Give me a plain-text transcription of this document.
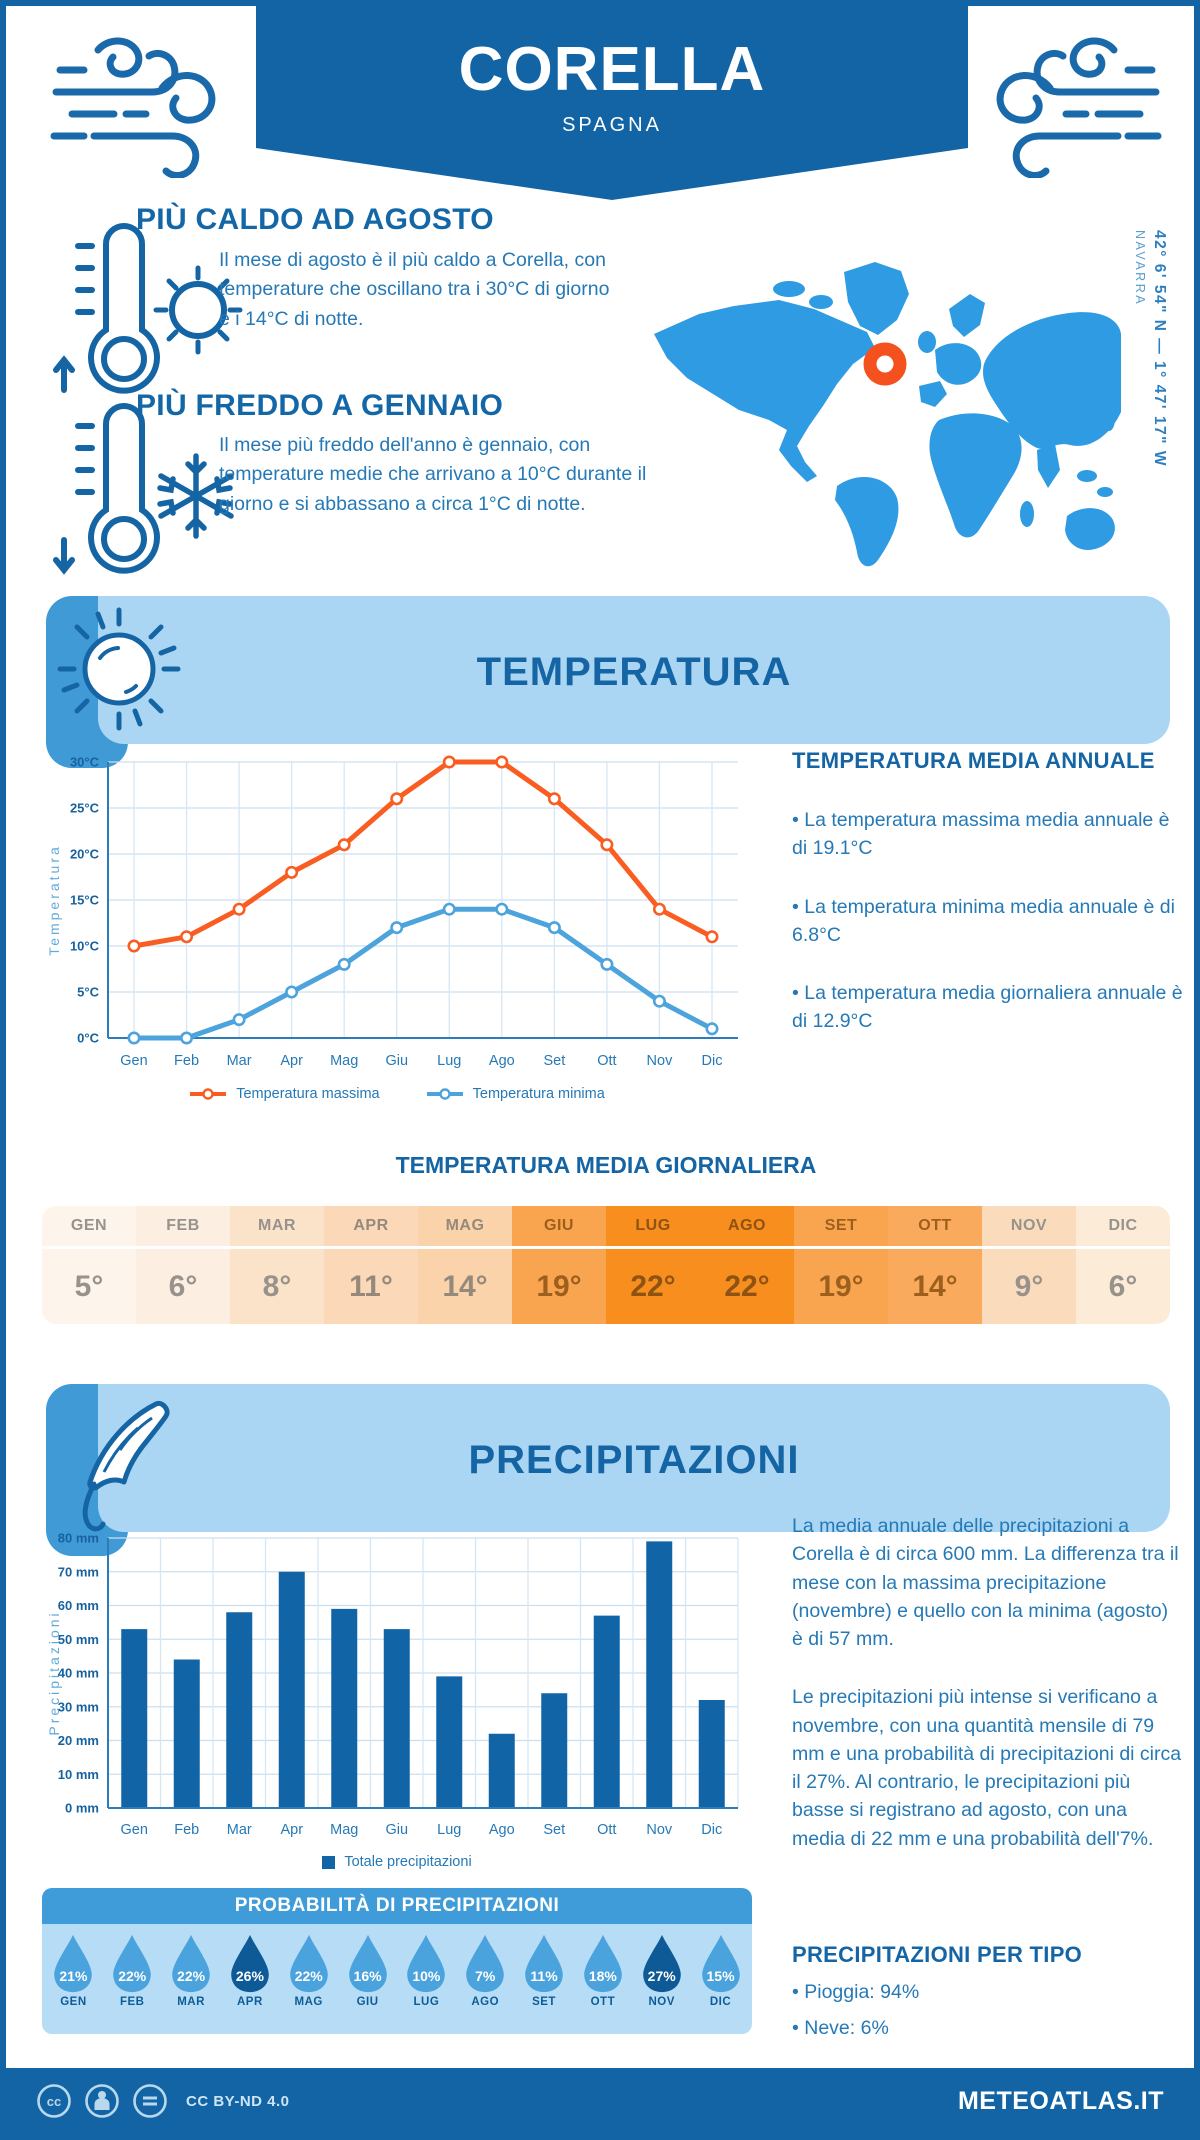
CORELLA
SPAGNA
PIÙ CALDO AD AGOSTO
Il mese di agosto è il più caldo a Corella, con temperature che oscillano tra i 30°C di giorno e i 14°C di notte.	42° 6' 54" N — 1° 47' 17" W
NAVARRA
PIÙ FREDDO A GENNAIO
Il mese più freddo dell'anno è gennaio, con temperature medie che arrivano a 10°C durante il giorno e si abbassano a circa 1°C di notte.
TEMPERATURA
0°C
5°C
10°C
15°C
20°C
25°C
30°C
Gen Feb Mar Apr Mag Giu Lug Ago Set Ott Nov Dic
Temperatura
Temperatura massima	Temperatura minima
TEMPERATURA MEDIA ANNUALE

• La temperatura massima media annuale è di 19.1°C

• La temperatura minima media annuale è di 6.8°C

• La temperatura media giornaliera annuale è di 12.9°C

TEMPERATURA MEDIA GIORNALIERA
GEN
5°
FEB
6°
MAR
8°
APR
11°
MAG
14°
GIU
19°
LUG
22°
AGO
22°
SET
19°
OTT
14°
NOV
9°
DIC
6°
PRECIPITAZIONI
0 mm
10 mm
20 mm
30 mm
40 mm
50 mm
60 mm
70 mm
80 mm
Gen Feb Mar Apr Mag Giu Lug Ago Set Ott Nov Dic
Precipitazioni
Totale precipitazioni

La media annuale delle precipitazioni a Corella è di circa 600 mm. La differenza tra il mese con la massima precipitazione (novembre) e quello con la minima (agosto) è di 57 mm.

Le precipitazioni più intense si verificano a novembre, con una quantità mensile di 79 mm e una probabilità di precipitazioni di circa il 27%. Al contrario, le precipitazioni più basse si registrano ad agosto, con una media di 22 mm e una probabilità dell'7%.

PROBABILITÀ DI PRECIPITAZIONI
21%
GEN
22%
FEB
22%
MAR
26%
APR
22%
MAG
16%
GIU
10%
LUG
7%
AGO
11%
SET
18%
OTT
27%
NOV
15%
DIC
PRECIPITAZIONI PER TIPO

• Pioggia: 94%

• Neve: 6%

cc	CC BY-ND 4.0	METEOATLAS.IT
